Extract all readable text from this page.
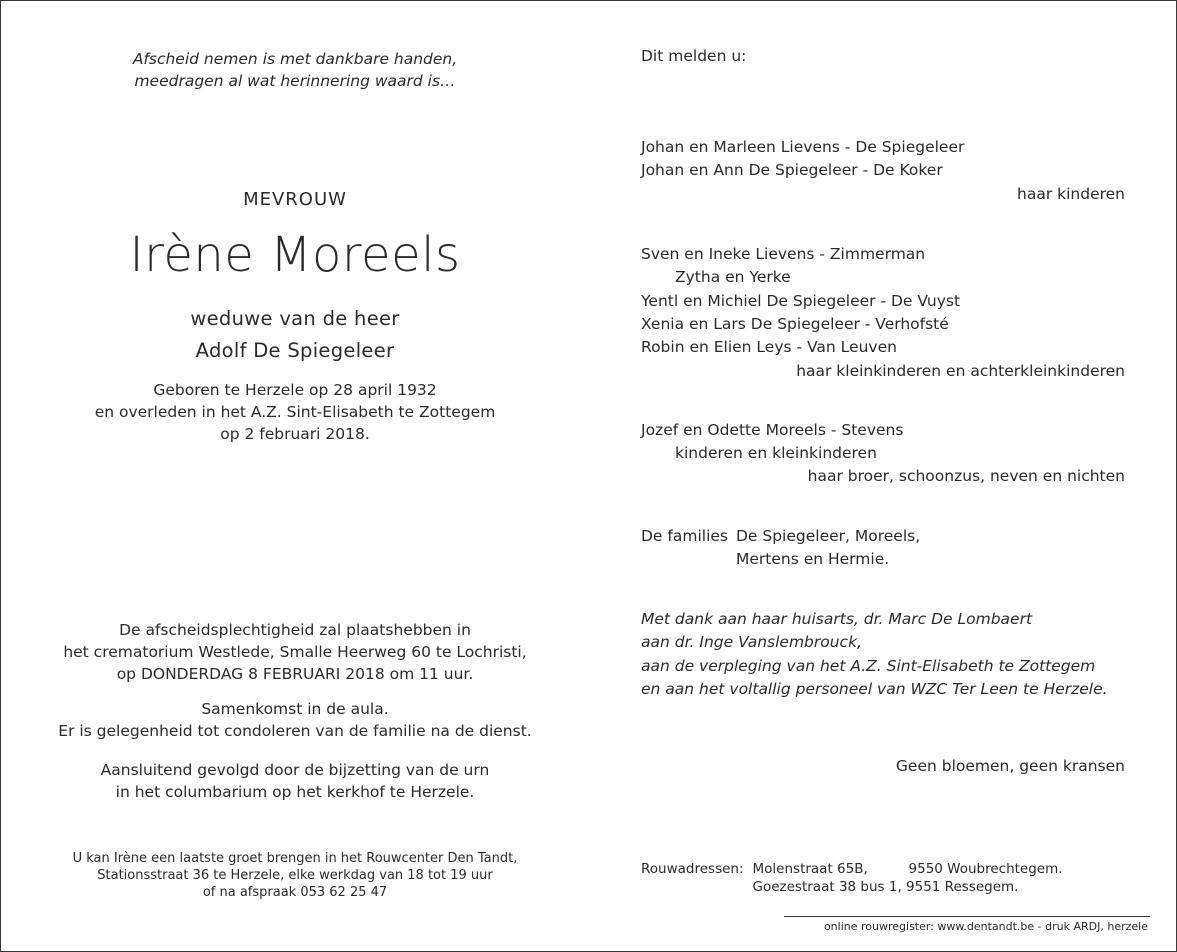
Afscheid nemen is met dankbare handen,
meedragen al wat herinnering waard is…
MEVROUW
Irène Moreels
weduwe van de heer
Adolf De Spiegeleer
Geboren te Herzele op 28 april 1932
en overleden in het A.Z. Sint-Elisabeth te Zottegem
op 2 februari 2018.
De afscheidsplechtigheid zal plaatshebben in
het crematorium Westlede, Smalle Heerweg 60 te Lochristi,
op DONDERDAG 8 FEBRUARI 2018 om 11 uur.
Samenkomst in de aula.
Er is gelegenheid tot condoleren van de familie na de dienst.
Aansluitend gevolgd door de bijzetting van de urn
in het columbarium op het kerkhof te Herzele.
U kan Irène een laatste groet brengen in het Rouwcenter Den Tandt,
Stationsstraat 36 te Herzele, elke werkdag van 18 tot 19 uur
of na afspraak 053 62 25 47
Dit melden u:
Johan en Marleen Lievens - De Spiegeleer
Johan en Ann De Spiegeleer - De Koker
haar kinderen
Sven en Ineke Lievens - Zimmerman
Zytha en Yerke
Yentl en Michiel De Spiegeleer - De Vuyst
Xenia en Lars De Spiegeleer - Verhofsté
Robin en Elien Leys - Van Leuven
haar kleinkinderen en achterkleinkinderen
Jozef en Odette Moreels - Stevens
kinderen en kleinkinderen
haar broer, schoonzus, neven en nichten
De families	De Spiegeleer, Moreels,
Mertens en Hermie.
Met dank aan haar huisarts, dr. Marc De Lombaert
aan dr. Inge Vanslembrouck,
aan de verpleging van het A.Z. Sint-Elisabeth te Zottegem
en aan het voltallig personeel van WZC Ter Leen te Herzele.
Geen bloemen, geen kransen
Rouwadressen:	Molenstraat 65B,	9550 Woubrechtegem.
Goezestraat 38 bus 1, 9551 Ressegem.
online rouwregister: www.dentandt.be - druk ARDJ, herzele
